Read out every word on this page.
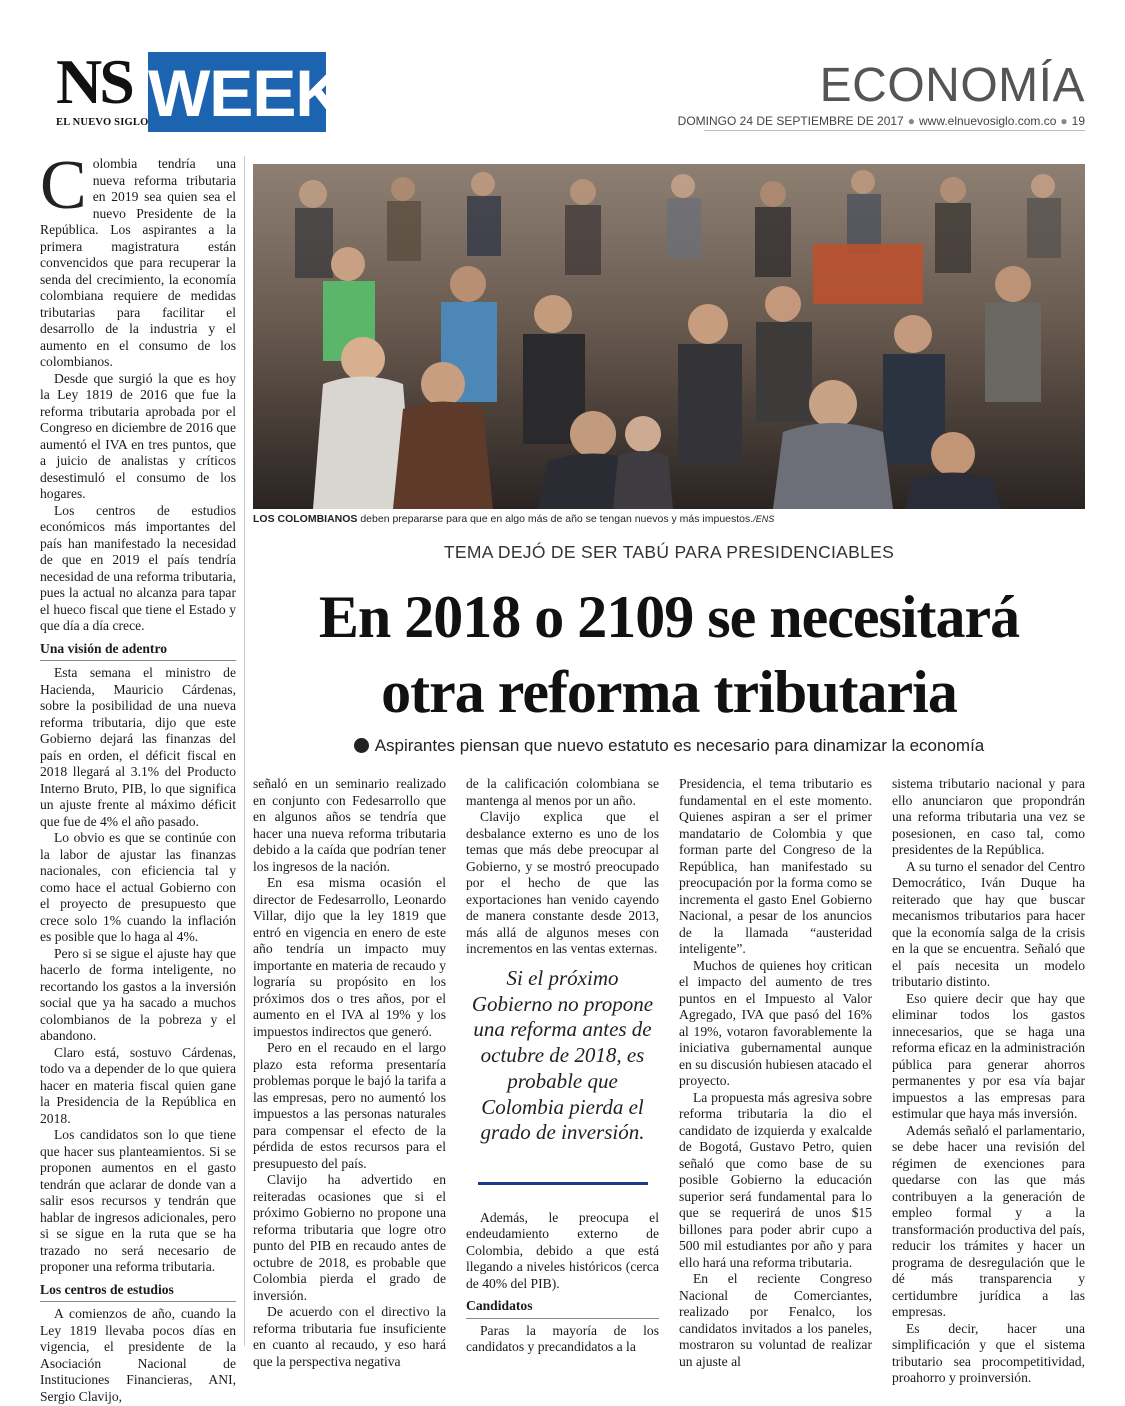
NS
EL NUEVO SIGLO WEEK	ECONOMÍA
DOMINGO 24 DE SEPTIEMBRE DE 2017 ● www.elnuevosiglo.com.co ● 19

Colombia tendría una nueva reforma tributaria en 2019 sea quien sea el nuevo Presidente de la República. Los aspirantes a la primera magistratura están convencidos que para recuperar la senda del crecimiento, la economía colombiana requiere de medidas tributarias para facilitar el desarrollo de la industria y el aumento en el consumo de los colombianos.

Desde que surgió la que es hoy la Ley 1819 de 2016 que fue la reforma tributaria aprobada por el Congreso en diciembre de 2016 que aumentó el IVA en tres puntos, que a juicio de analistas y críticos desestimuló el consumo de los hogares.

Los centros de estudios económicos más importantes del país han manifestado la necesidad de que en 2019 el país tendría necesidad de una reforma tributaria, pues la actual no alcanza para tapar el hueco fiscal que tiene el Estado y que día a día crece.

Una visión de adentro

Esta semana el ministro de Hacienda, Mauricio Cárdenas, sobre la posibilidad de una nueva reforma tributaria, dijo que este Gobierno dejará las finanzas del país en orden, el déficit fiscal en 2018 llegará al 3.1% del Producto Interno Bruto, PIB, lo que significa un ajuste frente al máximo déficit que fue de 4% el año pasado.

Lo obvio es que se continúe con la labor de ajustar las finanzas nacionales, con eficiencia tal y como hace el actual Gobierno con el proyecto de presupuesto que crece solo 1% cuando la inflación es posible que lo haga al 4%.

Pero si se sigue el ajuste hay que hacerlo de forma inteligente, no recortando los gastos a la inversión social que ya ha sacado a muchos colombianos de la pobreza y el abandono.

Claro está, sostuvo Cárdenas, todo va a depender de lo que quiera hacer en materia fiscal quien gane la Presidencia de la República en 2018.

Los candidatos son lo que tiene que hacer sus planteamientos. Si se proponen aumentos en el gasto tendrán que aclarar de donde van a salir esos recursos y tendrán que hablar de ingresos adicionales, pero si se sigue en la ruta que se ha trazado no será necesario de proponer una reforma tributaria.

Los centros de estudios

A comienzos de año, cuando la Ley 1819 llevaba pocos días en vigencia, el presidente de la Asociación Nacional de Instituciones Financieras, ANI, Sergio Clavijo,

LOS COLOMBIANOS deben prepararse para que en algo más de año se tengan nuevos y más impuestos./ENS
TEMA DEJÓ DE SER TABÚ PARA PRESIDENCIABLES
En 2018 o 2109 se necesitará
otra reforma tributaria
Aspirantes piensan que nuevo estatuto es necesario para dinamizar la economía

señaló en un seminario realizado en conjunto con Fedesarrollo que en algunos años se tendría que hacer una nueva reforma tributaria debido a la caída que podrían tener los ingresos de la nación.

En esa misma ocasión el director de Fedesarrollo, Leonardo Villar, dijo que la ley 1819 que entró en vigencia en enero de este año tendría un impacto muy importante en materia de recaudo y lograría su propósito en los próximos dos o tres años, por el aumento en el IVA al 19% y los impuestos indirectos que generó.

Pero en el recaudo en el largo plazo esta reforma presentaría problemas porque le bajó la tarifa a las empresas, pero no aumentó los impuestos a las personas naturales para compensar el efecto de la pérdida de estos recursos para el presupuesto del país.

Clavijo ha advertido en reiteradas ocasiones que si el próximo Gobierno no propone una reforma tributaria que logre otro punto del PIB en recaudo antes de octubre de 2018, es probable que Colombia pierda el grado de inversión.

De acuerdo con el directivo la reforma tributaria fue insuficiente en cuanto al recaudo, y eso hará que la perspectiva negativa

de la calificación colombiana se mantenga al menos por un año.

Clavijo explica que el desbalance externo es uno de los temas que más debe preocupar al Gobierno, y se mostró preocupado por el hecho de que las exportaciones han venido cayendo de manera constante desde 2013, más allá de algunos meses con incrementos en las ventas externas.

Además, le preocupa el endeudamiento externo de Colombia, debido a que está llegando a niveles históricos (cerca de 40% del PIB).

Candidatos

Paras la mayoría de los candidatos y precandidatos a la

Si el próximo Gobierno no propone una reforma antes de octubre de 2018, es probable que Colombia pierda el grado de inversión.

Presidencia, el tema tributario es fundamental en el este momento. Quienes aspiran a ser el primer mandatario de Colombia y que forman parte del Congreso de la República, han manifestado su preocupación por la forma como se incrementa el gasto Enel Gobierno Nacional, a pesar de los anuncios de la llamada “austeridad inteligente”.

Muchos de quienes hoy critican el impacto del aumento de tres puntos en el Impuesto al Valor Agregado, IVA que pasó del 16% al 19%, votaron favorablemente la iniciativa gubernamental aunque en su discusión hubiesen atacado el proyecto.

La propuesta más agresiva sobre reforma tributaria la dio el candidato de izquierda y exalcalde de Bogotá, Gustavo Petro, quien señaló que como base de su posible Gobierno la educación superior será fundamental para lo que se requerirá de unos $15 billones para poder abrir cupo a 500 mil estudiantes por año y para ello hará una reforma tributaria.

En el reciente Congreso Nacional de Comerciantes, realizado por Fenalco, los candidatos invitados a los paneles, mostraron su voluntad de realizar un ajuste al

sistema tributario nacional y para ello anunciaron que propondrán una reforma tributaria una vez se posesionen, en caso tal, como presidentes de la República.

A su turno el senador del Centro Democrático, Iván Duque ha reiterado que hay que buscar mecanismos tributarios para hacer que la economía salga de la crisis en la que se encuentra. Señaló que el país necesita un modelo tributario distinto.

Eso quiere decir que hay que eliminar todos los gastos innecesarios, que se haga una reforma eficaz en la administración pública para generar ahorros permanentes y por esa vía bajar impuestos a las empresas para estimular que haya más inversión.

Además señaló el parlamentario, se debe hacer una revisión del régimen de exenciones para quedarse con las que más contribuyen a la generación de empleo formal y a la transformación productiva del país, reducir los trámites y hacer un programa de desregulación que le dé más transparencia y certidumbre jurídica a las empresas.

Es decir, hacer una simplificación y que el sistema tributario sea procompetitividad, proahorro y proinversión.
